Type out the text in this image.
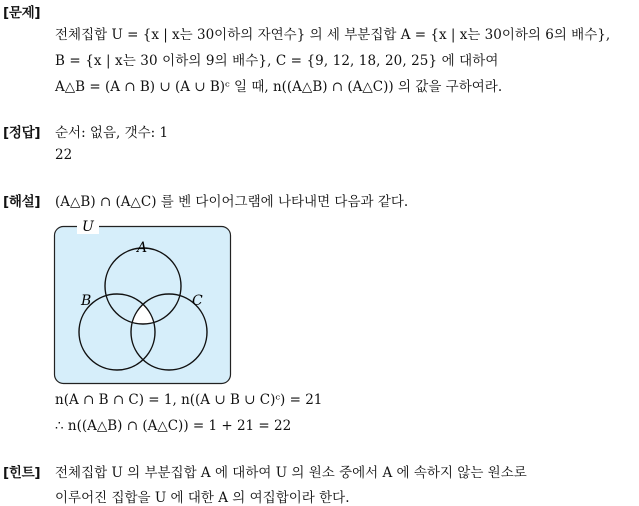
[문제]
전체집합 U = {x | x는 30이하의 자연수} 의 세 부분집합 A = {x | x는 30이하의 6의 배수},
B = {x | x는 30 이하의 9의 배수}, C = {9, 12, 18, 20, 25} 에 대하여
A△B = (A ∩ B) ∪ (A ∪ B)ᶜ 일 때, n((A△B) ∩ (A△C)) 의 값을 구하여라.
[정답] 순서: 없음, 갯수: 1
22
[해설] (A△B) ∩ (A△C) 를 벤 다이어그램에 나타내면 다음과 같다.
U
A
B	C
n(A ∩ B ∩ C) = 1, n((A ∪ B ∪ C)ᶜ) = 21
∴ n((A△B) ∩ (A△C)) = 1 + 21 = 22
[힌트] 전체집합 U 의 부분집합 A 에 대하여 U 의 원소 중에서 A 에 속하지 않는 원소로
이루어진 집합을 U 에 대한 A 의 여집합이라 한다.
